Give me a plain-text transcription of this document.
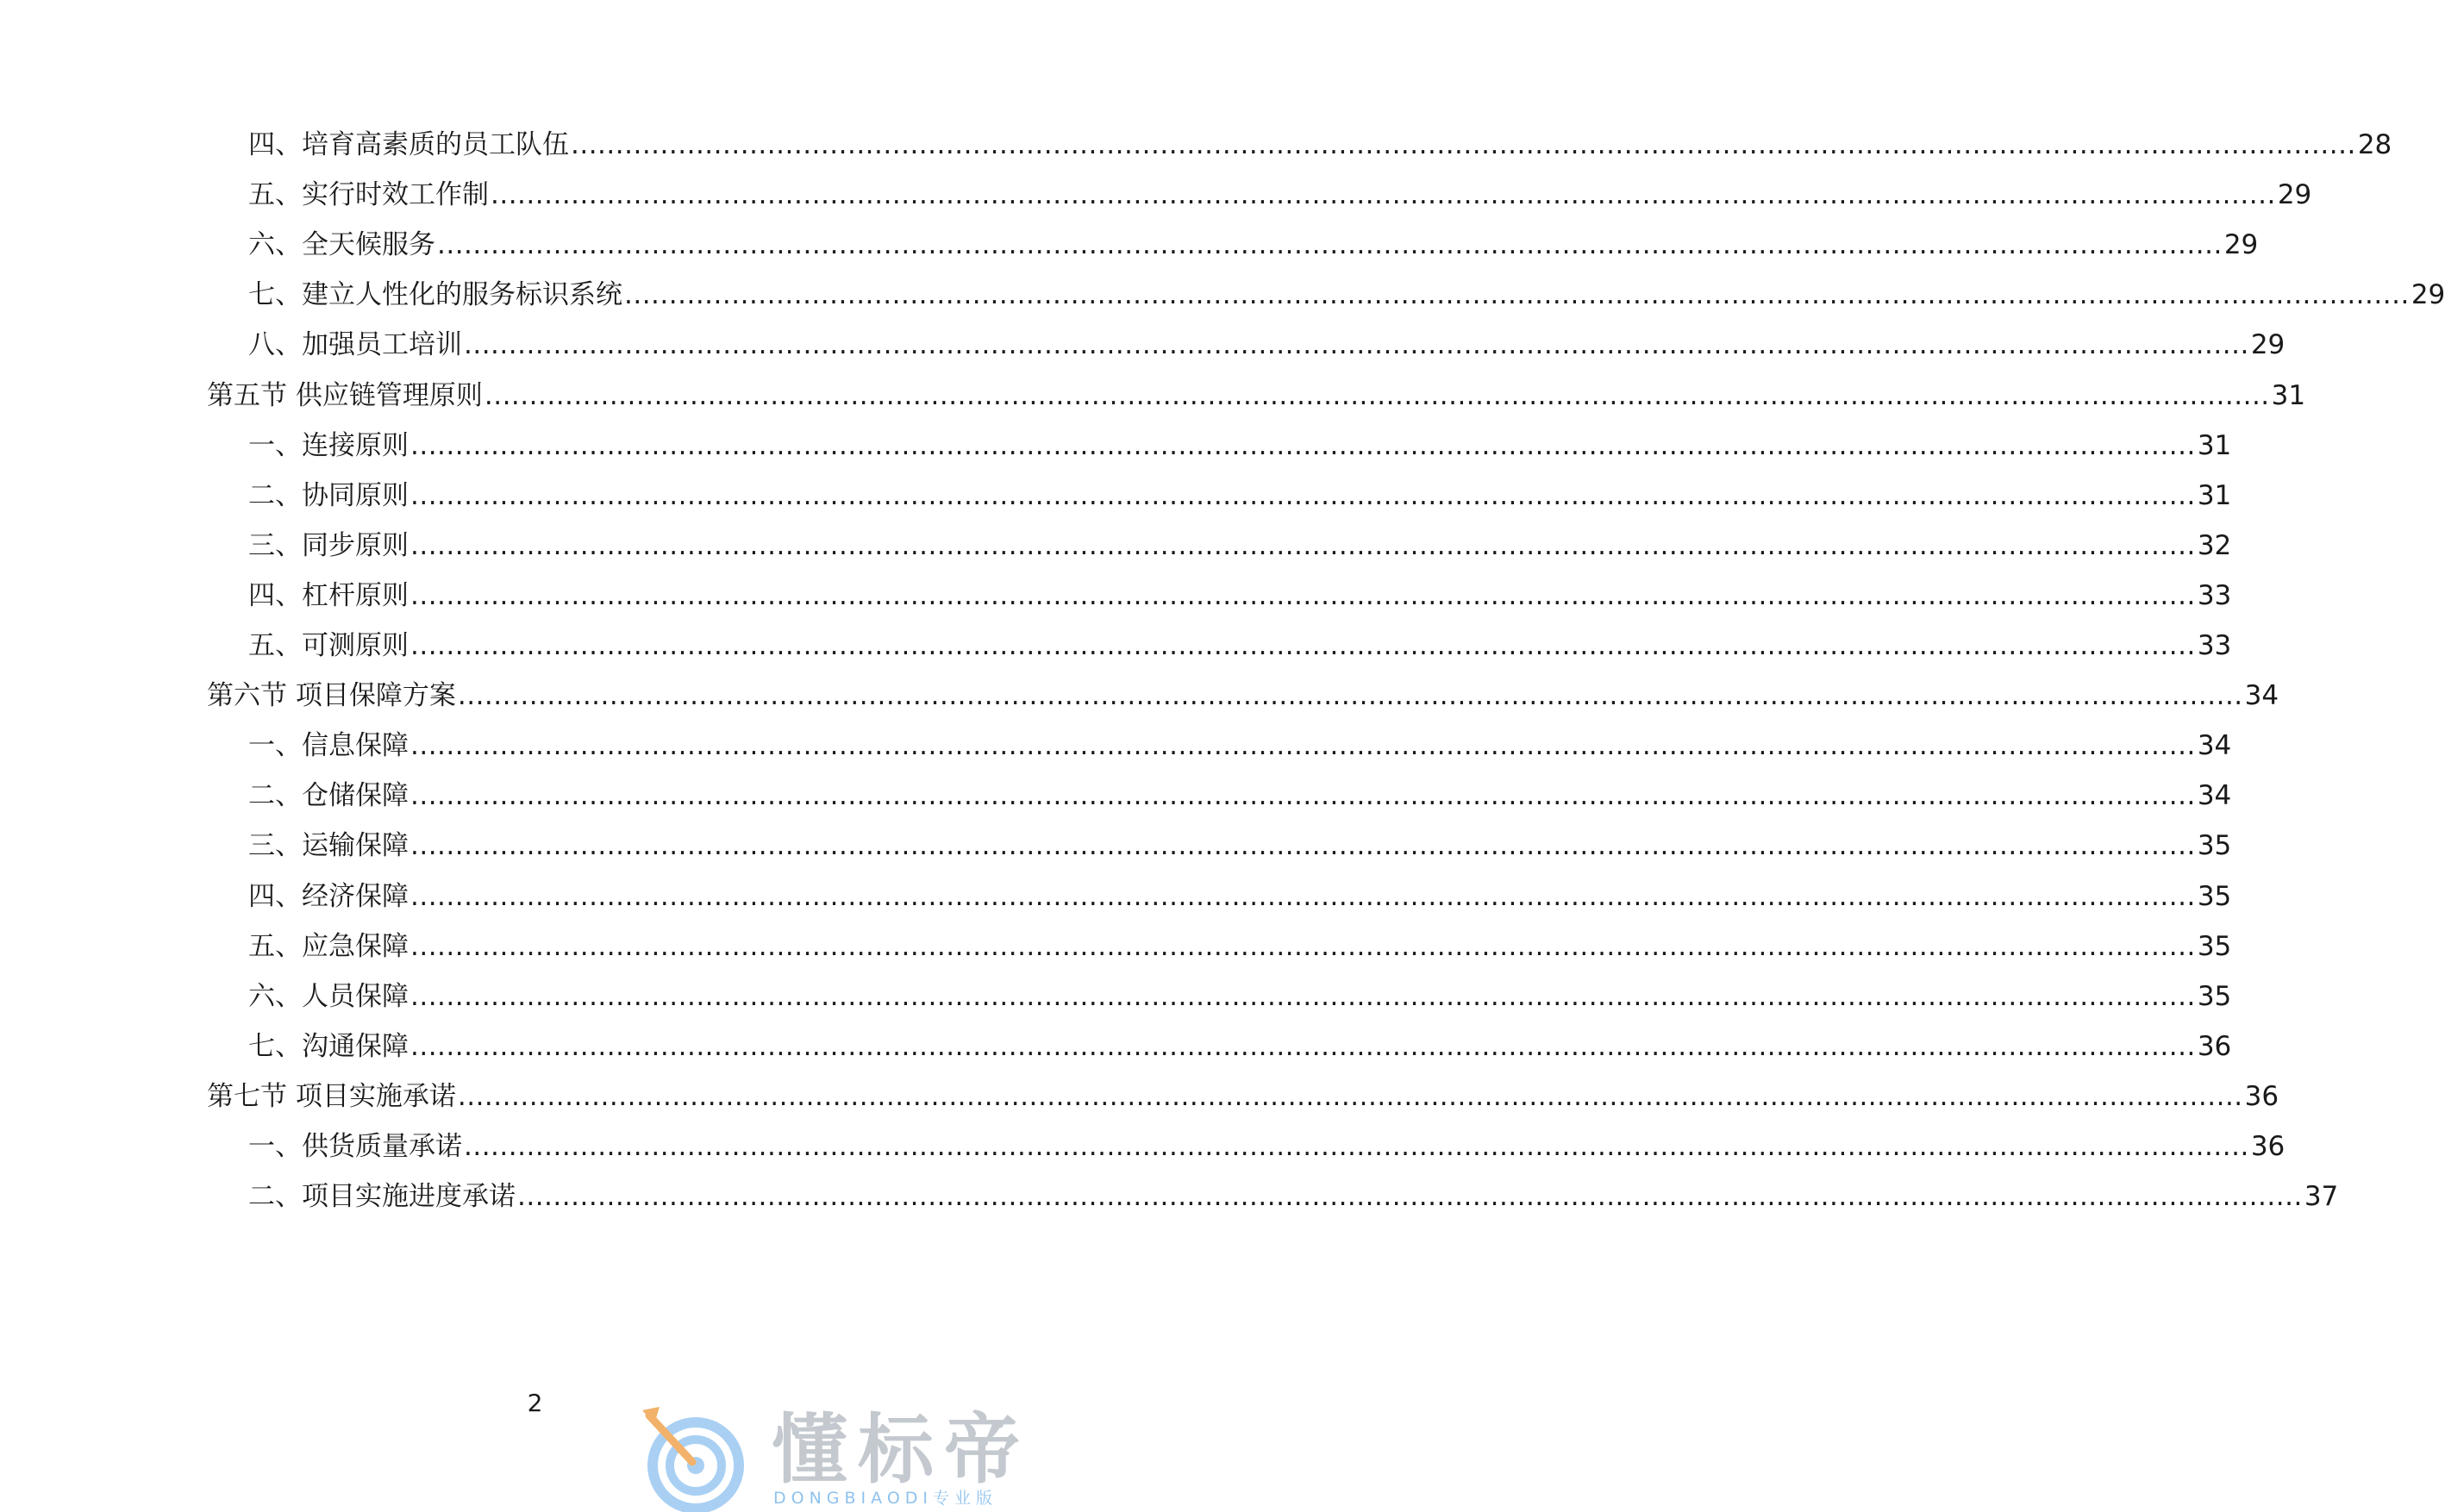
四、培育高素质的员工队伍 ........................................................................................................................................................................................................ 28
五、实行时效工作制 ........................................................................................................................................................................................................ 29
六、全天候服务 ........................................................................................................................................................................................................ 29
七、建立人性化的服务标识系统 ........................................................................................................................................................................................................ 29
八、加强员工培训 ........................................................................................................................................................................................................ 29
第五节 供应链管理原则 ........................................................................................................................................................................................................ 31
一、连接原则 ........................................................................................................................................................................................................ 31
二、协同原则 ........................................................................................................................................................................................................ 31
三、同步原则 ........................................................................................................................................................................................................ 32
四、杠杆原则 ........................................................................................................................................................................................................ 33
五、可测原则 ........................................................................................................................................................................................................ 33
第六节 项目保障方案 ........................................................................................................................................................................................................ 34
一、信息保障 ........................................................................................................................................................................................................ 34
二、仓储保障 ........................................................................................................................................................................................................ 34
三、运输保障 ........................................................................................................................................................................................................ 35
四、经济保障 ........................................................................................................................................................................................................ 35
五、应急保障 ........................................................................................................................................................................................................ 35
六、人员保障 ........................................................................................................................................................................................................ 35
七、沟通保障 ........................................................................................................................................................................................................ 36
第七节 项目实施承诺 ........................................................................................................................................................................................................ 36
一、供货质量承诺 ........................................................................................................................................................................................................ 36
二、项目实施进度承诺 ........................................................................................................................................................................................................ 37
2
懂标帝
DONGBIAODI专业版
